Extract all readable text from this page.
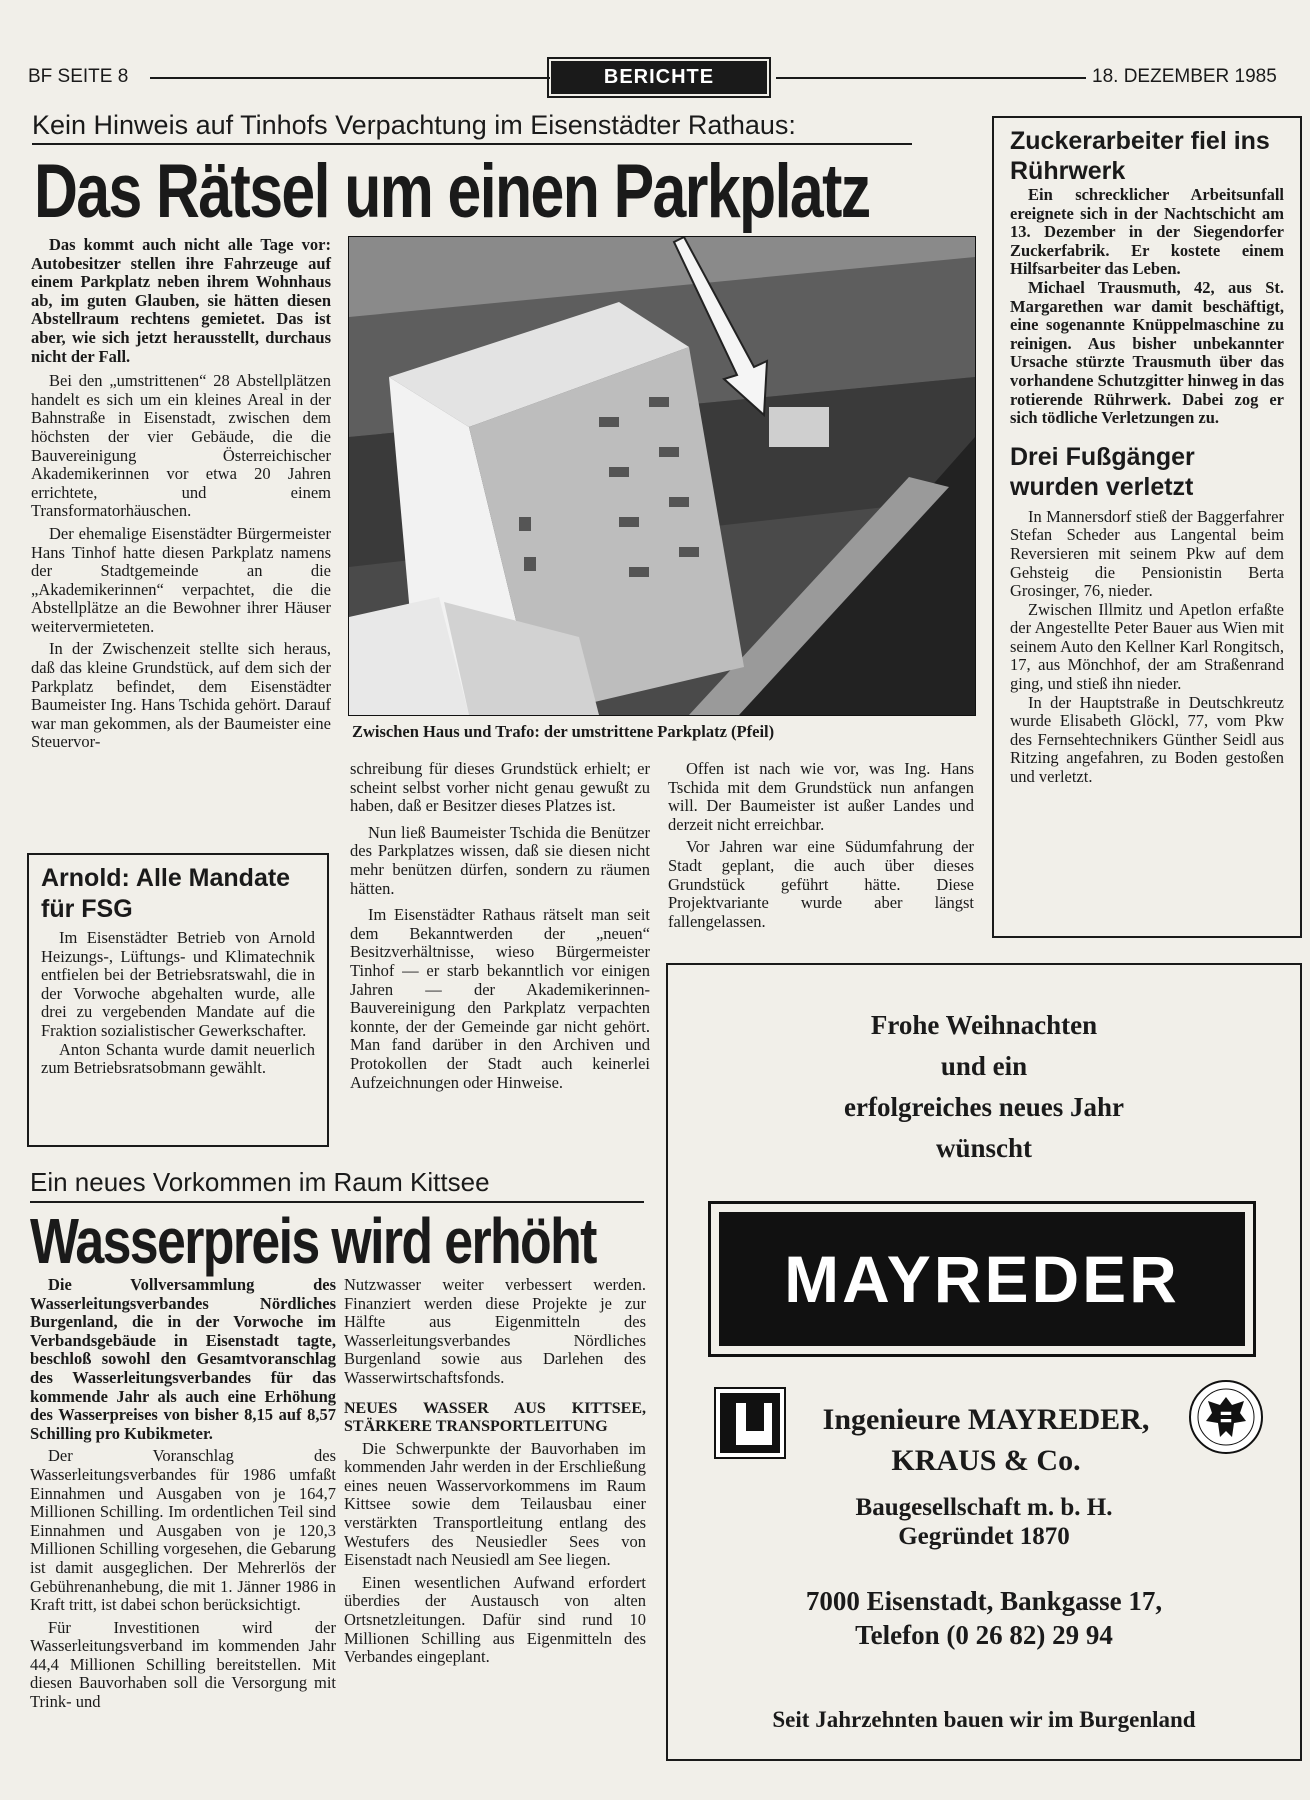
BF SEITE 8	BERICHTE	18. DEZEMBER 1985
Kein Hinweis auf Tinhofs Verpachtung im Eisenstädter Rathaus:
Das Rätsel um einen Parkplatz

Das kommt auch nicht alle Tage vor: Autobesitzer stellen ihre Fahrzeuge auf einem Parkplatz neben ihrem Wohnhaus ab, im guten Glauben, sie hätten diesen Abstellraum rechtens gemietet. Das ist aber, wie sich jetzt herausstellt, durchaus nicht der Fall.

Bei den „umstrittenen“ 28 Abstellplätzen handelt es sich um ein kleines Areal in der Bahnstraße in Eisenstadt, zwischen dem höchsten der vier Gebäude, die die Bauvereinigung Österreichischer Akademikerinnen vor etwa 20 Jahren errichtete, und einem Transformatorhäuschen.

Der ehemalige Eisenstädter Bürgermeister Hans Tinhof hatte diesen Parkplatz namens der Stadtgemeinde an die „Akademikerinnen“ verpachtet, die die Abstellplätze an die Bewohner ihrer Häuser weitervermieteten.

In der Zwischenzeit stellte sich heraus, daß das kleine Grundstück, auf dem sich der Parkplatz befindet, dem Eisenstädter Baumeister Ing. Hans Tschida gehört. Darauf war man gekommen, als der Baumeister eine Steuervor-

Zwischen Haus und Trafo: der umstrittene Parkplatz (Pfeil)

schreibung für dieses Grundstück erhielt; er scheint selbst vorher nicht genau gewußt zu haben, daß er Besitzer dieses Platzes ist.

Nun ließ Baumeister Tschida die Benützer des Parkplatzes wissen, daß sie diesen nicht mehr benützen dürfen, sondern zu räumen hätten.

Im Eisenstädter Rathaus rätselt man seit dem Bekanntwerden der „neuen“ Besitzverhältnisse, wieso Bürgermeister Tinhof — er starb bekanntlich vor einigen Jahren — der Akademikerinnen-Bauvereinigung den Parkplatz verpachten konnte, der der Gemeinde gar nicht gehört. Man fand darüber in den Archiven und Protokollen der Stadt auch keinerlei Aufzeichnungen oder Hinweise.

Offen ist nach wie vor, was Ing. Hans Tschida mit dem Grundstück nun anfangen will. Der Baumeister ist außer Landes und derzeit nicht erreichbar.

Vor Jahren war eine Südumfahrung der Stadt geplant, die auch über dieses Grundstück geführt hätte. Diese Projektvariante wurde aber längst fallengelassen.

Zuckerarbeiter fiel ins Rührwerk

Ein schrecklicher Arbeitsunfall ereignete sich in der Nachtschicht am 13. Dezember in der Siegendorfer Zuckerfabrik. Er kostete einem Hilfsarbeiter das Leben.

Michael Trausmuth, 42, aus St. Margarethen war damit beschäftigt, eine sogenannte Knüppelmaschine zu reinigen. Aus bisher unbekannter Ursache stürzte Trausmuth über das vorhandene Schutzgitter hinweg in das rotierende Rührwerk. Dabei zog er sich tödliche Verletzungen zu.

Drei Fußgänger wurden verletzt

In Mannersdorf stieß der Baggerfahrer Stefan Scheder aus Langental beim Reversieren mit seinem Pkw auf dem Gehsteig die Pensionistin Berta Grosinger, 76, nieder.

Zwischen Illmitz und Apetlon erfaßte der Angestellte Peter Bauer aus Wien mit seinem Auto den Kellner Karl Rongitsch, 17, aus Mönchhof, der am Straßenrand ging, und stieß ihn nieder.

In der Hauptstraße in Deutschkreutz wurde Elisabeth Glöckl, 77, vom Pkw des Fernsehtechnikers Günther Seidl aus Ritzing angefahren, zu Boden gestoßen und verletzt.

Arnold: Alle Mandate für FSG

Im Eisenstädter Betrieb von Arnold Heizungs-, Lüftungs- und Klimatechnik entfielen bei der Betriebsratswahl, die in der Vorwoche abgehalten wurde, alle drei zu vergebenden Mandate auf die Fraktion sozialistischer Gewerkschafter.

Anton Schanta wurde damit neuerlich zum Betriebsratsobmann gewählt.

Ein neues Vorkommen im Raum Kittsee
Wasserpreis wird erhöht

Die Vollversammlung des Wasserleitungsverbandes Nördliches Burgenland, die in der Vorwoche im Verbandsgebäude in Eisenstadt tagte, beschloß sowohl den Gesamtvoranschlag des Wasserleitungsverbandes für das kommende Jahr als auch eine Erhöhung des Wasserpreises von bisher 8,15 auf 8,57 Schilling pro Kubikmeter.

Der Voranschlag des Wasserleitungsverbandes für 1986 umfaßt Einnahmen und Ausgaben von je 164,7 Millionen Schilling. Im ordentlichen Teil sind Einnahmen und Ausgaben von je 120,3 Millionen Schilling vorgesehen, die Gebarung ist damit ausgeglichen. Der Mehrerlös der Gebührenanhebung, die mit 1. Jänner 1986 in Kraft tritt, ist dabei schon berücksichtigt.

Für Investitionen wird der Wasserleitungsverband im kommenden Jahr 44,4 Millionen Schilling bereitstellen. Mit diesen Bauvorhaben soll die Versorgung mit Trink- und

Nutzwasser weiter verbessert werden. Finanziert werden diese Projekte je zur Hälfte aus Eigenmitteln des Wasserleitungsverbandes Nördliches Burgenland sowie aus Darlehen des Wasserwirtschaftsfonds.

NEUES WASSER AUS KITTSEE, STÄRKERE TRANSPORTLEITUNG

Die Schwerpunkte der Bauvorhaben im kommenden Jahr werden in der Erschließung eines neuen Wasservorkommens im Raum Kittsee sowie dem Teilausbau einer verstärkten Transportleitung entlang des Westufers des Neusiedler Sees von Eisenstadt nach Neusiedl am See liegen.

Einen wesentlichen Aufwand erfordert überdies der Austausch von alten Ortsnetzleitungen. Dafür sind rund 10 Millionen Schilling aus Eigenmitteln des Verbandes eingeplant.

Frohe Weihnachten
und ein
erfolgreiches neues Jahr
wünscht
MAYREDER
Ingenieure MAYREDER,
KRAUS & Co.
Baugesellschaft m. b. H.
Gegründet 1870
7000 Eisenstadt, Bankgasse 17,
Telefon (0 26 82) 29 94
Seit Jahrzehnten bauen wir im Burgenland
